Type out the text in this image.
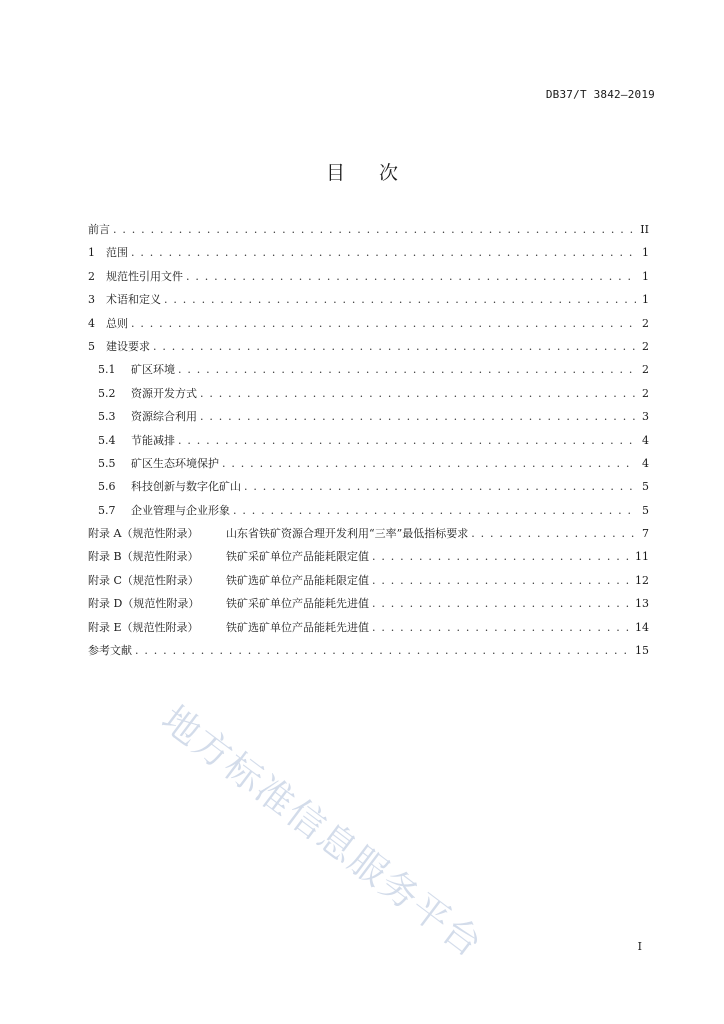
DB37/T 3842—2019
目 次
前言 . . .	II
1	范围 . . .	1
2	规范性引用文件 . . .	1
3	术语和定义 . . .	1
4	总则 . . .	2
5	建设要求 . . .	2
5.1	矿区环境 . . .	2
5.2	资源开发方式 . . .	2
5.3	资源综合利用 . . .	3
5.4	节能减排 . . .	4
5.5	矿区生态环境保护 . . .	4
5.6	科技创新与数字化矿山 . . .	5
5.7	企业管理与企业形象 . . .	5
附录 A（规范性附录）	山东省铁矿资源合理开发利用“三率”最低指标要求 . . .	7
附录 B（规范性附录）	铁矿采矿单位产品能耗限定值 . . .	11
附录 C（规范性附录）	铁矿选矿单位产品能耗限定值 . . .	12
附录 D（规范性附录）	铁矿采矿单位产品能耗先进值 . . .	13
附录 E（规范性附录）	铁矿选矿单位产品能耗先进值 . . .	14
参考文献 . . .	15
地方标准信息服务平台	I
